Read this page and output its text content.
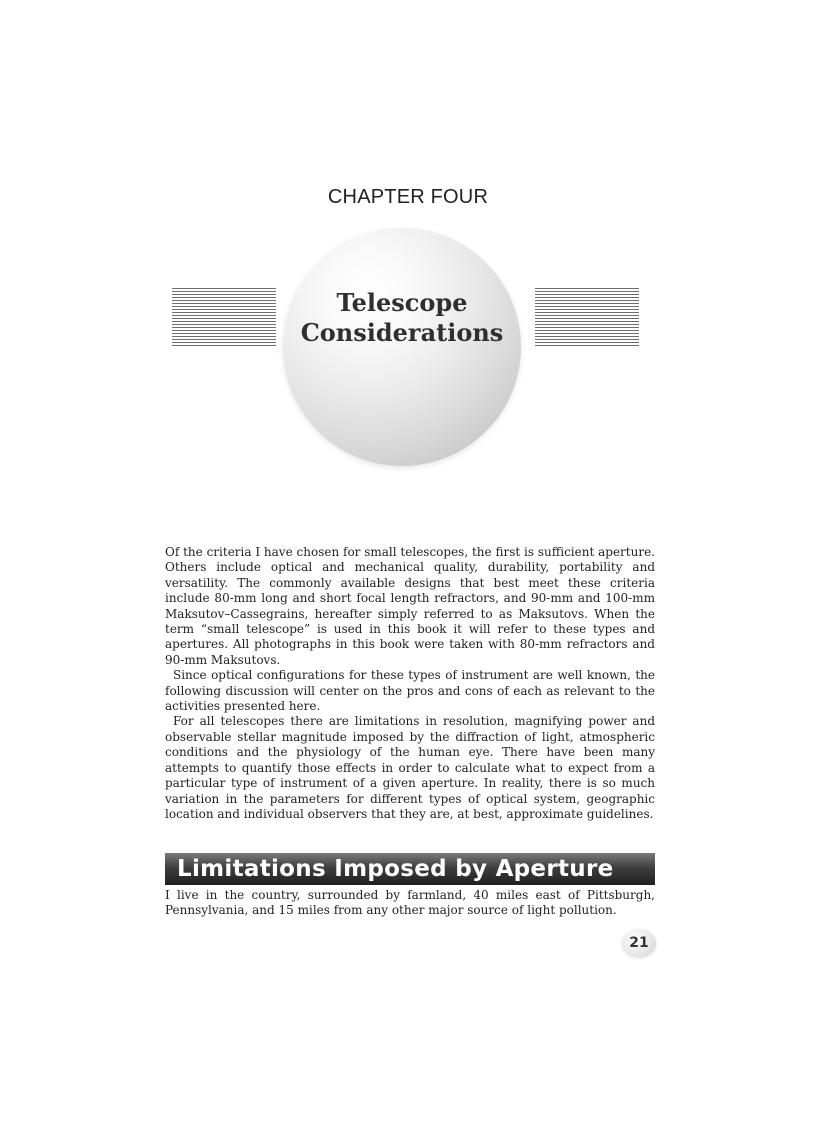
CHAPTER FOUR
Telescope
Considerations

Of the criteria I have chosen for small telescopes, the first is sufficient aperture. Others include optical and mechanical quality, durability, portability and versatility. The commonly available designs that best meet these criteria include 80-mm long and short focal length refractors, and 90-mm and 100-mm Maksutov–Cassegrains, hereafter simply referred to as Maksutovs. When the term “small telescope” is used in this book it will refer to these types and apertures. All photographs in this book were taken with 80-mm refractors and 90-mm Maksutovs.

Since optical configurations for these types of instrument are well known, the following discussion will center on the pros and cons of each as relevant to the activities presented here.

For all telescopes there are limitations in resolution, magnifying power and observable stellar magnitude imposed by the diffraction of light, atmospheric conditions and the physiology of the human eye. There have been many attempts to quantify those effects in order to calculate what to expect from a particular type of instrument of a given aperture. In reality, there is so much variation in the parameters for different types of optical system, geographic location and individual observers that they are, at best, approximate guidelines.

Limitations Imposed by Aperture

I live in the country, surrounded by farmland, 40 miles east of Pittsburgh, Pennsylvania, and 15 miles from any other major source of light pollution.

21
